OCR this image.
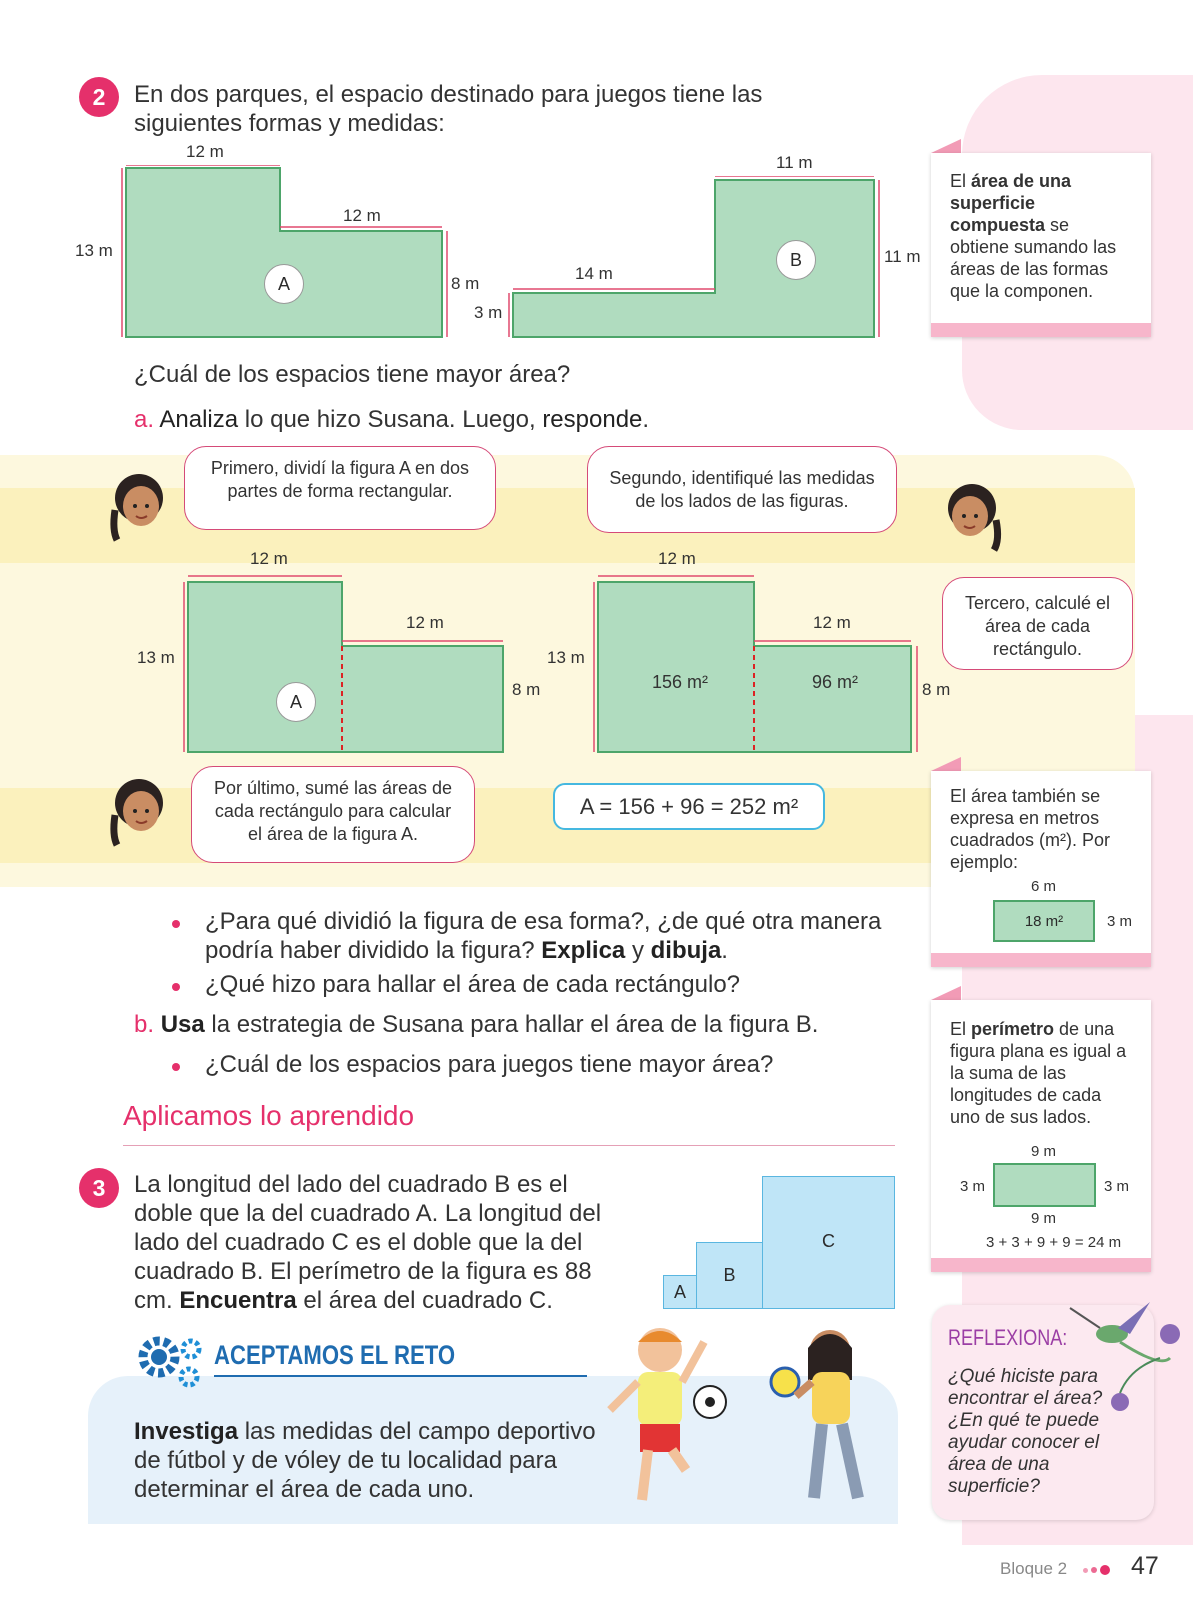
2	En dos parques, el espacio destinado para juegos tiene las siguientes formas y medidas:
12 m
12 m
13 m
8 m
A
11 m
14 m
11 m
3 m
B
¿Cuál de los espacios tiene mayor área?
a. Analiza lo que hizo Susana. Luego, responde.
Primero, dividí la figura A en dos partes de forma rectangular.
Segundo, identifiqué las medidas de los lados de las figuras.
Tercero, calculé el área de cada rectángulo.
Por último, sumé las áreas de cada rectángulo para calcular el área de la figura A.
12 m
12 m
13 m
8 m
A
12 m
12 m
13 m
8 m
156 m²	96 m²
A = 156 + 96 = 252 m²
¿Para qué dividió la figura de esa forma?, ¿de qué otra manera podría haber dividido la figura? Explica y dibuja.
¿Qué hizo para hallar el área de cada rectángulo?
b. Usa la estrategia de Susana para hallar el área de la figura B.
¿Cuál de los espacios para juegos tiene mayor área?
Aplicamos lo aprendido
3	La longitud del lado del cuadrado B es el doble que la del cuadrado A. La longitud del lado del cuadrado C es el doble que la del cuadrado B. El perímetro de la figura es 88 cm. Encuentra el área del cuadrado C.	A
B
C
ACEPTAMOS EL RETO
Investiga las medidas del campo deportivo de fútbol y de vóley de tu localidad para determinar el área de cada uno.
El área de una superficie compuesta se obtiene sumando las áreas de las formas que la componen.
El área también se expresa en metros cuadrados (m²). Por ejemplo:
6 m
18 m²	3 m
El perímetro de una figura plana es igual a la suma de las longitudes de cada uno de sus lados.
9 m
3 m	3 m
9 m
3 + 3 + 9 + 9 = 24 m
REFLEXIONA:
¿Qué hiciste para encontrar el área? ¿En qué te puede ayudar conocer el área de una superficie?
Bloque 2	47
